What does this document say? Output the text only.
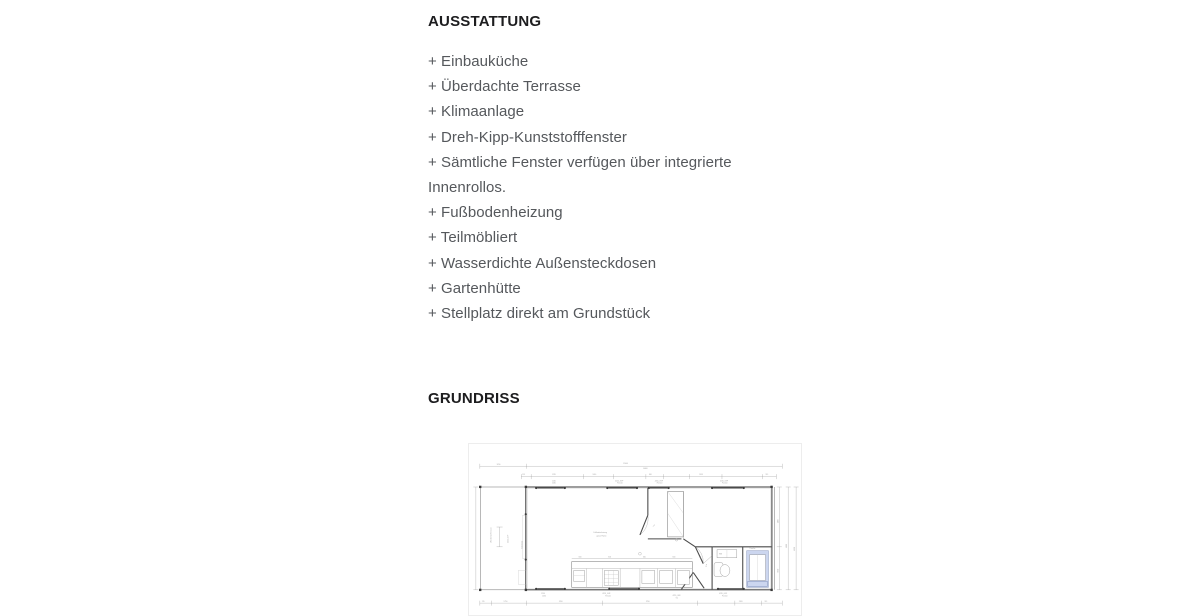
AUSSTATTUNG
+ Einbauküche
+ Überdachte Terrasse
+ Klimaanlage
+ Dreh-Kipp-Kunststofffenster
+ Sämtliche Fenster verfügen über integrierte Innenrollos.
+ Fußbodenheizung
+ Teilmöbliert
+ Wasserdichte Außensteckdosen
+ Gartenhütte
+ Stellplatz direkt am Grundstück
GRUNDRISS
3700
12000
10400
115	1255	1010	560	1355	115
1250
1030
4255_GVF
Fenster
4255_GVF
Fenster
4255_GVF
Fenster
Überdachte Terrasse	4255_GVF
Schiebetür
Tür
Tür
Tür
Fußbodenheizung
ganze Fläche
600	600	600	600
WM
Dusche
1250
1030
4255_GVF
Fenster	4255_GVF
Tür
4255_GVF
Fenster
115	1750	3700	3750	1320	115
2300
1650
4000
4230
